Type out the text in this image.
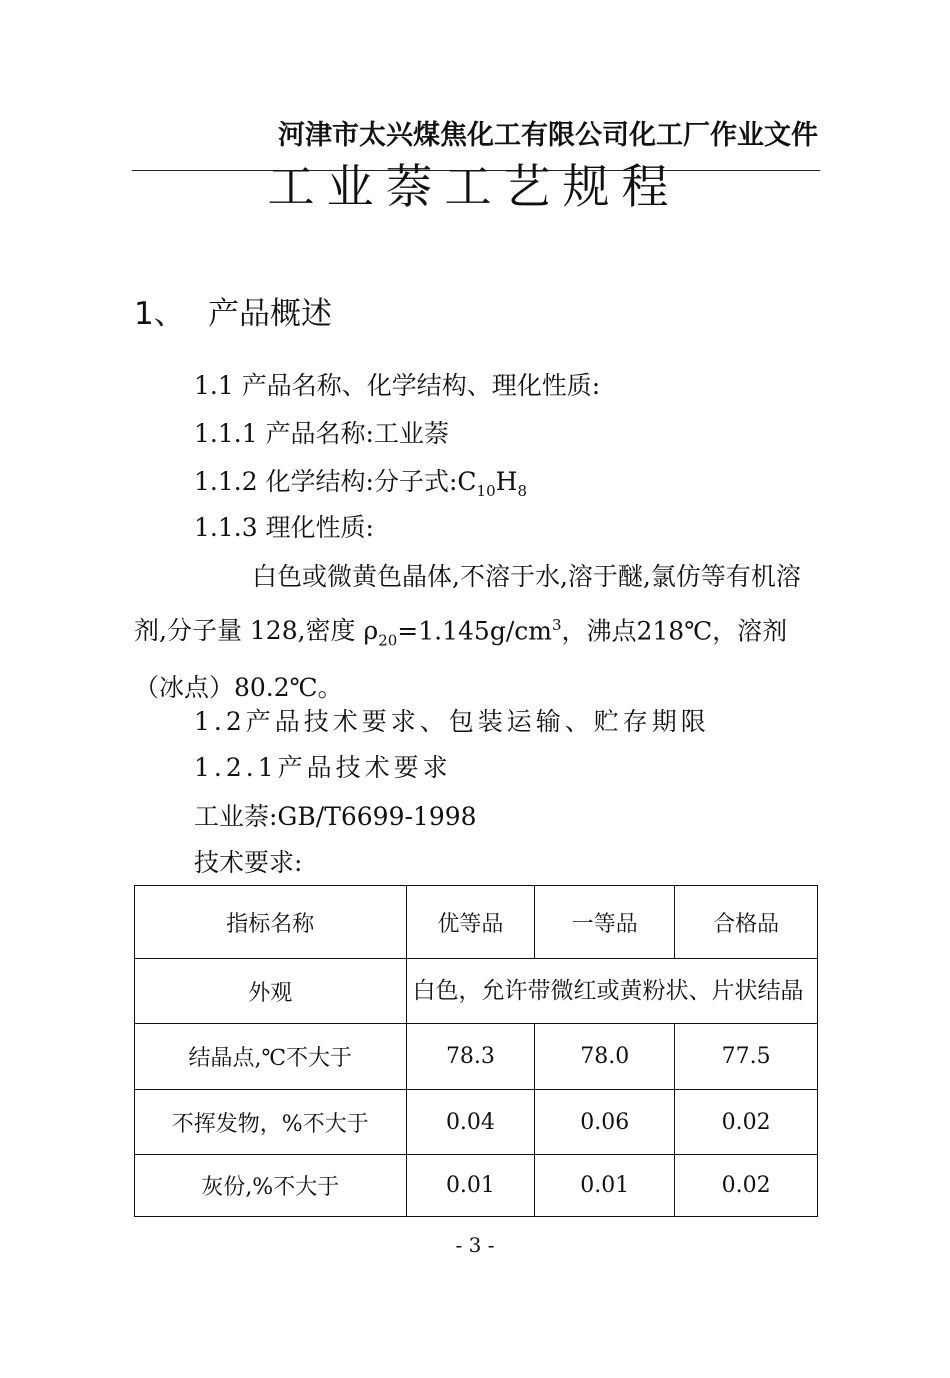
河津市太兴煤焦化工有限公司化工厂作业文件
工业萘工艺规程
1、 产品概述
1.1 产品名称、化学结构、理化性质:
1.1.1 产品名称:工业萘
1.1.2 化学结构:分子式$:C_{10}H_8$
1.1.3 理化性质:
白色或微黄色晶体,不溶于水,溶于醚,氯仿等有机溶剂,分子量 128,密度 $\rho_{20}=1.145g/cm^3$，沸点218℃，溶剂（冰点）80.2℃。
1.2产品技术要求、包装运输、贮存期限
1.2.1产品技术要求
工业萘:GB/T6699-1998
技术要求:
指标名称	优等品	一等品	合格品
外观	白色，允许带微红或黄粉状、片状结晶		
结晶点,℃不大于	78.3	78.0	77.5
不挥发物，%不大于	0.04	0.06	0.02
灰份,%不大于	0.01	0.01	0.02
- 3 -
